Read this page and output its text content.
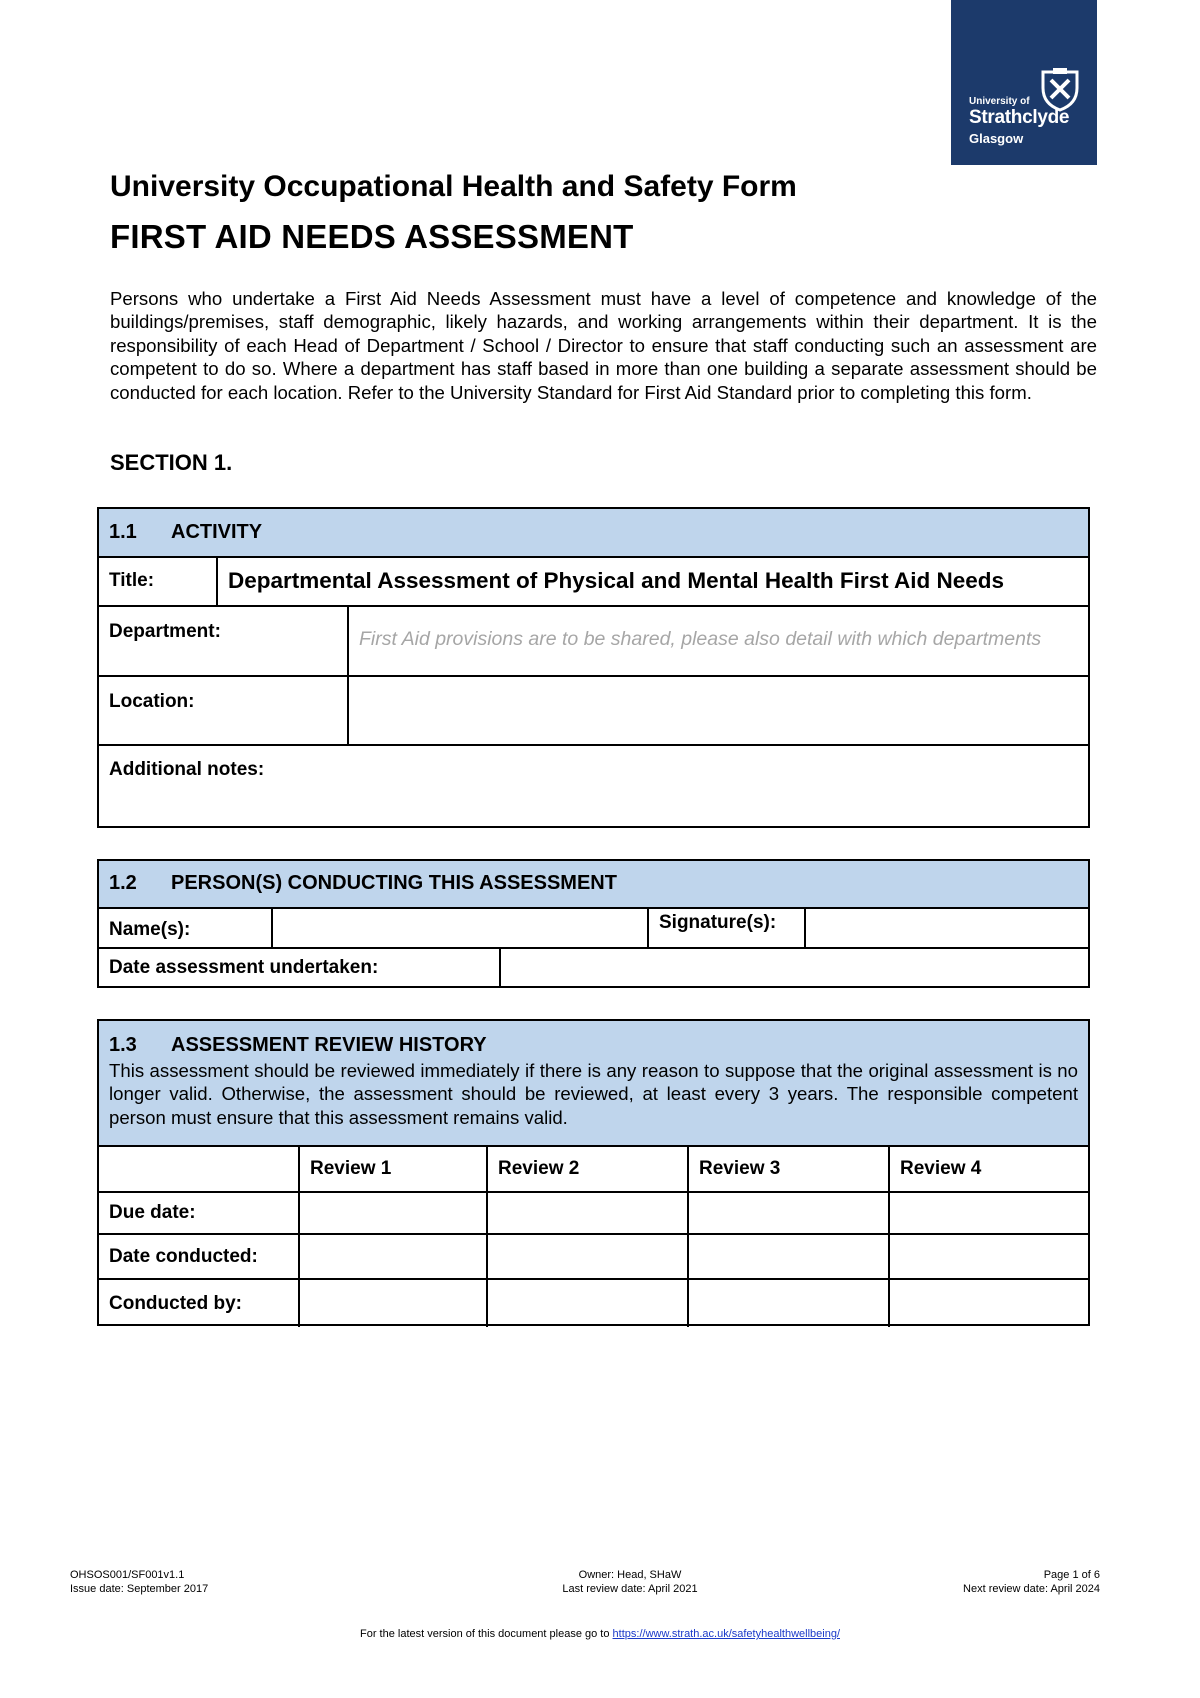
University of
Strathclyde
Glasgow
University Occupational Health and Safety Form
FIRST AID NEEDS ASSESSMENT

Persons who undertake a First Aid Needs Assessment must have a level of competence and knowledge of the buildings/premises, staff demographic, likely hazards, and working arrangements within their department. It is the responsibility of each Head of Department / School / Director to ensure that staff conducting such an assessment are competent to do so. Where a department has staff based in more than one building a separate assessment should be conducted for each location. Refer to the University Standard for First Aid Standard prior to completing this form.

SECTION 1.
1.1 ACTIVITY
Title:	Departmental Assessment of Physical and Mental Health First Aid Needs
Department:	First Aid provisions are to be shared, please also detail with which departments
Location:
Additional notes:
1.2 PERSON(S) CONDUCTING THIS ASSESSMENT
Name(s):	Signature(s):
Date assessment undertaken:
1.3 ASSESSMENT REVIEW HISTORY

This assessment should be reviewed immediately if there is any reason to suppose that the original assessment is no longer valid. Otherwise, the assessment should be reviewed, at least every 3 years. The responsible competent person must ensure that this assessment remains valid.

	Review 1	Review 2	Review 3	Review 4
Due date:				
Date conducted:				
Conducted by:				
OHSOS001/SF001v1.1
Issue date: September 2017
Owner: Head, SHaW
Last review date: April 2021
Page 1 of 6
Next review date: April 2024
For the latest version of this document please go to https://www.strath.ac.uk/safetyhealthwellbeing/
